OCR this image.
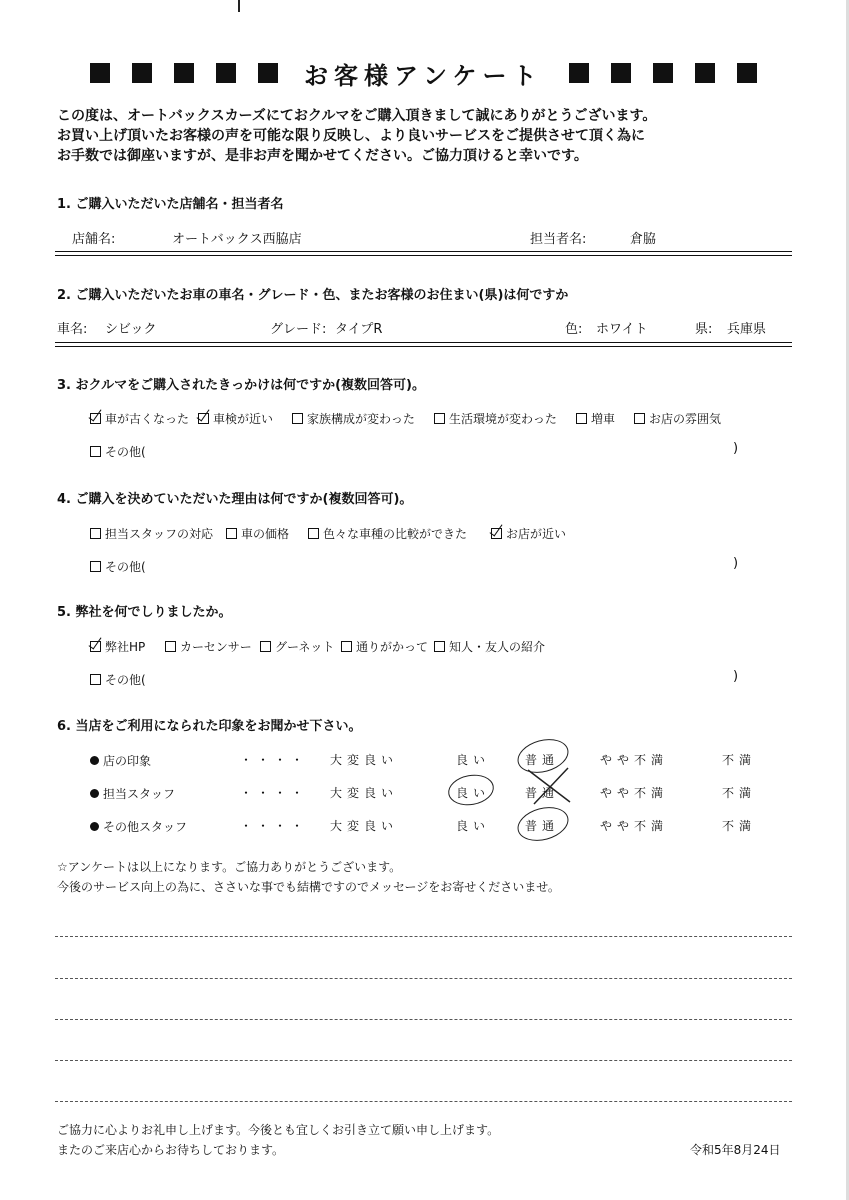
お客様アンケート
この度は、オートバックスカーズにておクルマをご購入頂きまして誠にありがとうございます。
お買い上げ頂いたお客様の声を可能な限り反映し、より良いサービスをご提供させて頂く為に
お手数では御座いますが、是非お声を聞かせてください。ご協力頂けると幸いです。
1. ご購入いただいた店舗名・担当者名
店舗名:	オートバックス西脇店	担当者名:	倉脇
2. ご購入いただいたお車の車名・グレード・色、またお客様のお住まい(県)は何ですか
車名: シビック	グレード: タイプR	色: ホワイト	県: 兵庫県
3. おクルマをご購入されたきっかけは何ですか(複数回答可)。
車が古くなった 車検が近い	家族構成が変わった	生活環境が変わった	増車	お店の雰囲気
その他(	)
4. ご購入を決めていただいた理由は何ですか(複数回答可)。
担当スタッフの対応 車の価格	色々な車種の比較ができた	お店が近い
その他(	)
5. 弊社を何でしりましたか。
弊社HP	カーセンサー グーネット 通りがかって 知人・友人の紹介
その他(	)
6. 当店をご利用になられた印象をお聞かせ下さい。
店の印象	・・・・ 大変良い	良い	普通	やや不満	不満
担当スタッフ	・・・・ 大変良い	良い	普通	やや不満	不満
その他スタッフ	・・・・ 大変良い	良い	普通	やや不満	不満
☆アンケートは以上になります。ご協力ありがとうございます。
今後のサービス向上の為に、ささいな事でも結構ですのでメッセージをお寄せくださいませ。
ご協力に心よりお礼申し上げます。今後とも宜しくお引き立て願い申し上げます。
またのご来店心からお待ちしております。	令和5年8月24日
